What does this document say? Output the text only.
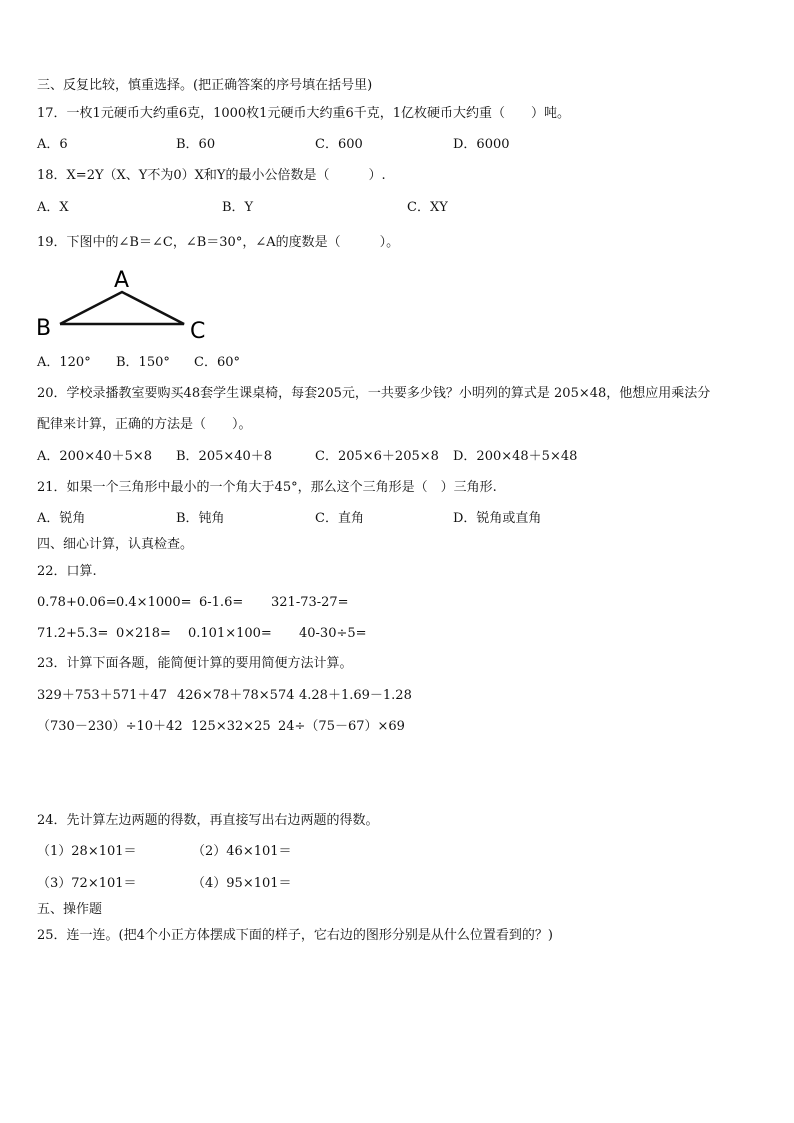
三、反复比较，慎重选择。(把正确答案的序号填在括号里)
17．一枚1元硬币大约重6克，1000枚1元硬币大约重6千克，1亿枚硬币大约重（　　）吨。
A．6	B．60	C．600	D．6000
18．X=2Y（X、Y不为0）X和Y的最小公倍数是（　　　）.
A．X	B．Y	C．XY
19．下图中的∠B＝∠C，∠B＝30°，∠A的度数是（　　　）。
A
B	C
A．120° B．150° C．60°
20．学校录播教室要购买48套学生课桌椅，每套205元，一共要多少钱？小明列的算式是 205×48，他想应用乘法分
配律来计算，正确的方法是（　　）。
A．200×40＋5×8 B．205×40＋8	C．205×6＋205×8 D．200×48＋5×48
21．如果一个三角形中最小的一个角大于45°，那么这个三角形是（　）三角形.
A．锐角	B．钝角	C．直角	D．锐角或直角
四、细心计算，认真检查。
22．口算.
0.78+0.06= 0.4×1000= 6-1.6= 321-73-27=
71.2+5.3= 0×218= 0.101×100= 40-30÷5=
23．计算下面各题，能简便计算的要用简便方法计算。
329＋753＋571＋47 426×78＋78×574 4.28＋1.69－1.28
（730－230）÷10＋42 125×32×25 24÷（75－67）×69
24．先计算左边两题的得数，再直接写出右边两题的得数。
（1）28×101＝	（2）46×101＝
（3）72×101＝	（4）95×101＝
五、操作题
25．连一连。(把4个小正方体摆成下面的样子，它右边的图形分别是从什么位置看到的？)
